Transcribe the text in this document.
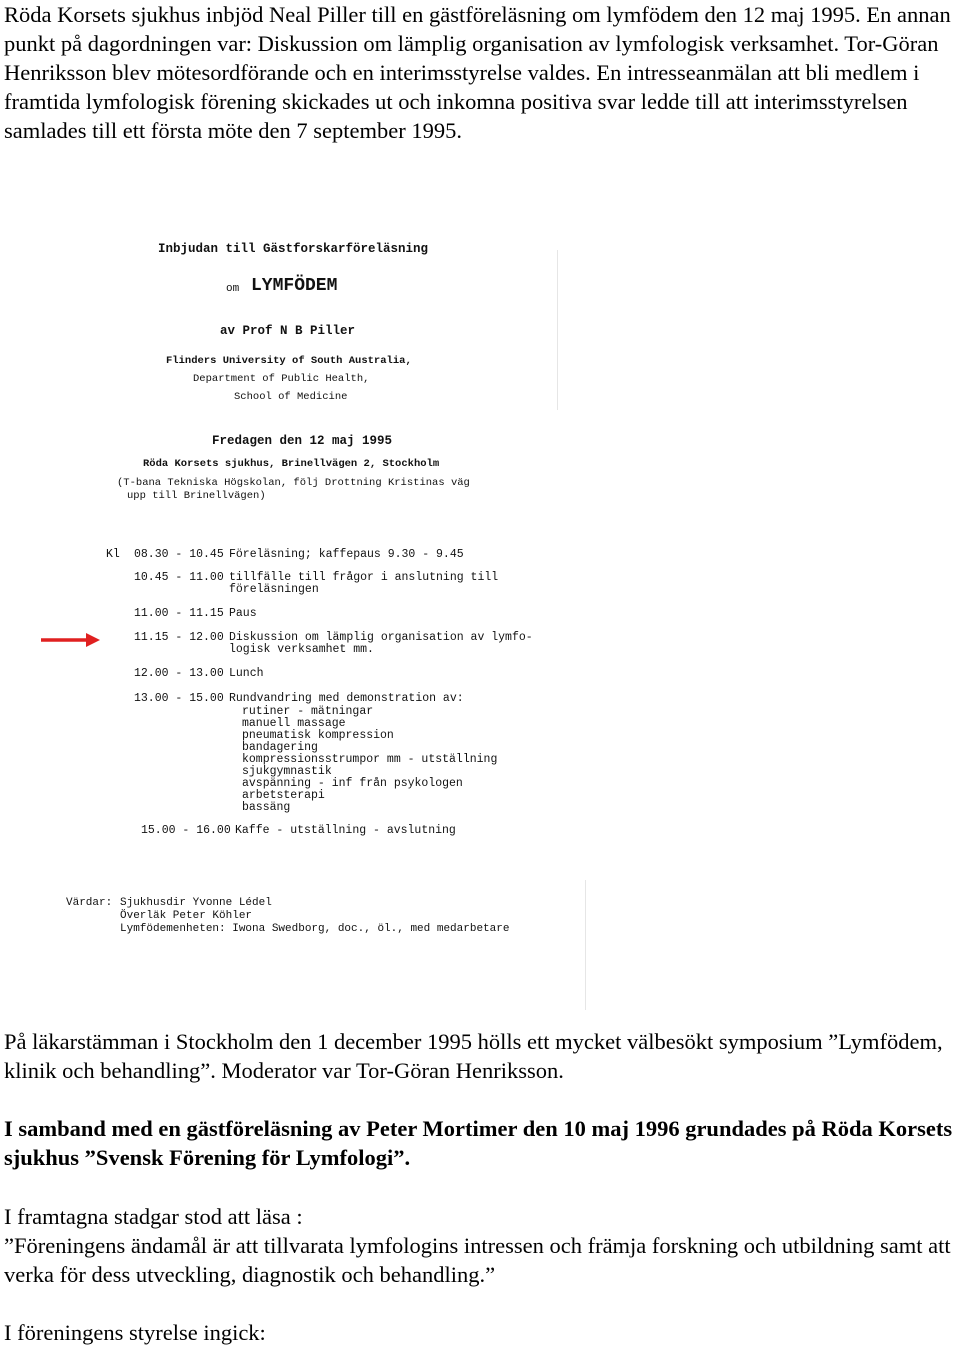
Röda Korsets sjukhus inbjöd Neal Piller till en gästföreläsning om lymfödem den 12 maj 1995. En annan punkt på dagordningen var: Diskussion om lämplig organisation av lymfologisk verksamhet. Tor-Göran Henriksson blev mötesordförande och en interimsstyrelse valdes. En intresseanmälan att bli medlem i framtida lymfologisk förening skickades ut och inkomna positiva svar ledde till att interimsstyrelsen samlades till ett första möte den 7 september 1995.

Inbjudan till Gästforskarföreläsning
om LYMFÖDEM
av Prof N B Piller
Flinders University of South Australia,
Department of Public Health,
School of Medicine
Fredagen den 12 maj 1995
Röda Korsets sjukhus, Brinellvägen 2, Stockholm
(T-bana Tekniska Högskolan, följ Drottning Kristinas väg
upp till Brinellvägen)
Kl 08.30 - 10.45 Föreläsning; kaffepaus 9.30 - 9.45
10.45 - 11.00 tillfälle till frågor i anslutning till
föreläsningen
11.00 - 11.15 Paus
11.15 - 12.00 Diskussion om lämplig organisation av lymfo-
logisk verksamhet mm.
12.00 - 13.00 Lunch
13.00 - 15.00 Rundvandring med demonstration av:
rutiner - mätningar
manuell massage
pneumatisk kompression
bandagering
kompressionsstrumpor mm - utställning
sjukgymnastik
avspänning - inf från psykologen
arbetsterapi
bassäng
15.00 - 16.00 Kaffe - utställning - avslutning
Värdar: Sjukhusdir Yvonne Lédel
Överläk Peter Köhler
Lymfödemenheten: Iwona Swedborg, doc., öl., med medarbetare

På läkarstämman i Stockholm den 1 december 1995 hölls ett mycket välbesökt symposium ”Lymfödem, klinik och behandling”. Moderator var Tor-Göran Henriksson.

I samband med en gästföreläsning av Peter Mortimer den 10 maj 1996 grundades på Röda Korsets sjukhus ”Svensk Förening för Lymfologi”.

I framtagna stadgar stod att läsa :

”Föreningens ändamål är att tillvarata lymfologins intressen och främja forskning och utbildning samt att verka för dess utveckling, diagnostik och behandling.”

I föreningens styrelse ingick:
